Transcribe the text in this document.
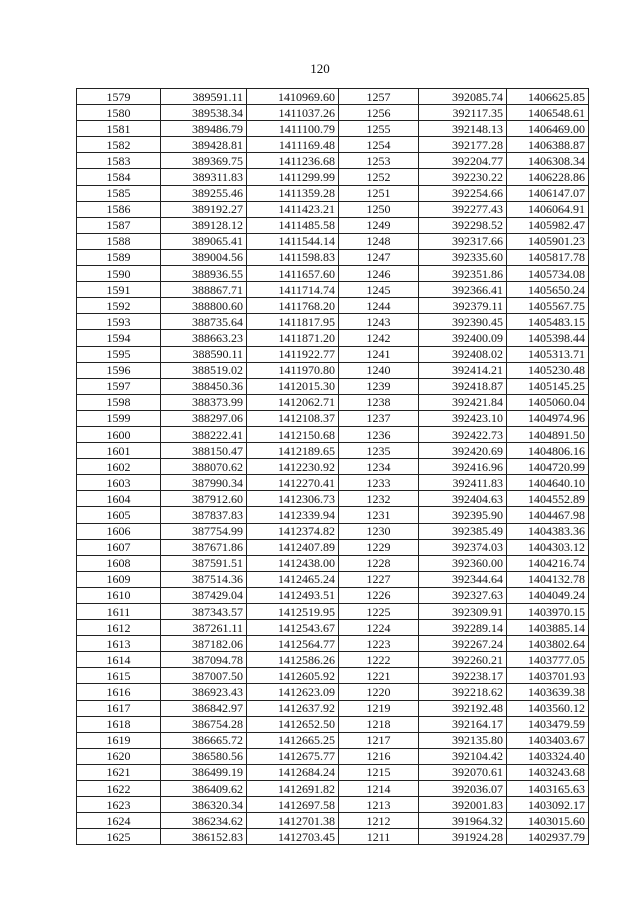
120
1579	389591.11	1410969.60	1257	392085.74	1406625.85
1580	389538.34	1411037.26	1256	392117.35	1406548.61
1581	389486.79	1411100.79	1255	392148.13	1406469.00
1582	389428.81	1411169.48	1254	392177.28	1406388.87
1583	389369.75	1411236.68	1253	392204.77	1406308.34
1584	389311.83	1411299.99	1252	392230.22	1406228.86
1585	389255.46	1411359.28	1251	392254.66	1406147.07
1586	389192.27	1411423.21	1250	392277.43	1406064.91
1587	389128.12	1411485.58	1249	392298.52	1405982.47
1588	389065.41	1411544.14	1248	392317.66	1405901.23
1589	389004.56	1411598.83	1247	392335.60	1405817.78
1590	388936.55	1411657.60	1246	392351.86	1405734.08
1591	388867.71	1411714.74	1245	392366.41	1405650.24
1592	388800.60	1411768.20	1244	392379.11	1405567.75
1593	388735.64	1411817.95	1243	392390.45	1405483.15
1594	388663.23	1411871.20	1242	392400.09	1405398.44
1595	388590.11	1411922.77	1241	392408.02	1405313.71
1596	388519.02	1411970.80	1240	392414.21	1405230.48
1597	388450.36	1412015.30	1239	392418.87	1405145.25
1598	388373.99	1412062.71	1238	392421.84	1405060.04
1599	388297.06	1412108.37	1237	392423.10	1404974.96
1600	388222.41	1412150.68	1236	392422.73	1404891.50
1601	388150.47	1412189.65	1235	392420.69	1404806.16
1602	388070.62	1412230.92	1234	392416.96	1404720.99
1603	387990.34	1412270.41	1233	392411.83	1404640.10
1604	387912.60	1412306.73	1232	392404.63	1404552.89
1605	387837.83	1412339.94	1231	392395.90	1404467.98
1606	387754.99	1412374.82	1230	392385.49	1404383.36
1607	387671.86	1412407.89	1229	392374.03	1404303.12
1608	387591.51	1412438.00	1228	392360.00	1404216.74
1609	387514.36	1412465.24	1227	392344.64	1404132.78
1610	387429.04	1412493.51	1226	392327.63	1404049.24
1611	387343.57	1412519.95	1225	392309.91	1403970.15
1612	387261.11	1412543.67	1224	392289.14	1403885.14
1613	387182.06	1412564.77	1223	392267.24	1403802.64
1614	387094.78	1412586.26	1222	392260.21	1403777.05
1615	387007.50	1412605.92	1221	392238.17	1403701.93
1616	386923.43	1412623.09	1220	392218.62	1403639.38
1617	386842.97	1412637.92	1219	392192.48	1403560.12
1618	386754.28	1412652.50	1218	392164.17	1403479.59
1619	386665.72	1412665.25	1217	392135.80	1403403.67
1620	386580.56	1412675.77	1216	392104.42	1403324.40
1621	386499.19	1412684.24	1215	392070.61	1403243.68
1622	386409.62	1412691.82	1214	392036.07	1403165.63
1623	386320.34	1412697.58	1213	392001.83	1403092.17
1624	386234.62	1412701.38	1212	391964.32	1403015.60
1625	386152.83	1412703.45	1211	391924.28	1402937.79
